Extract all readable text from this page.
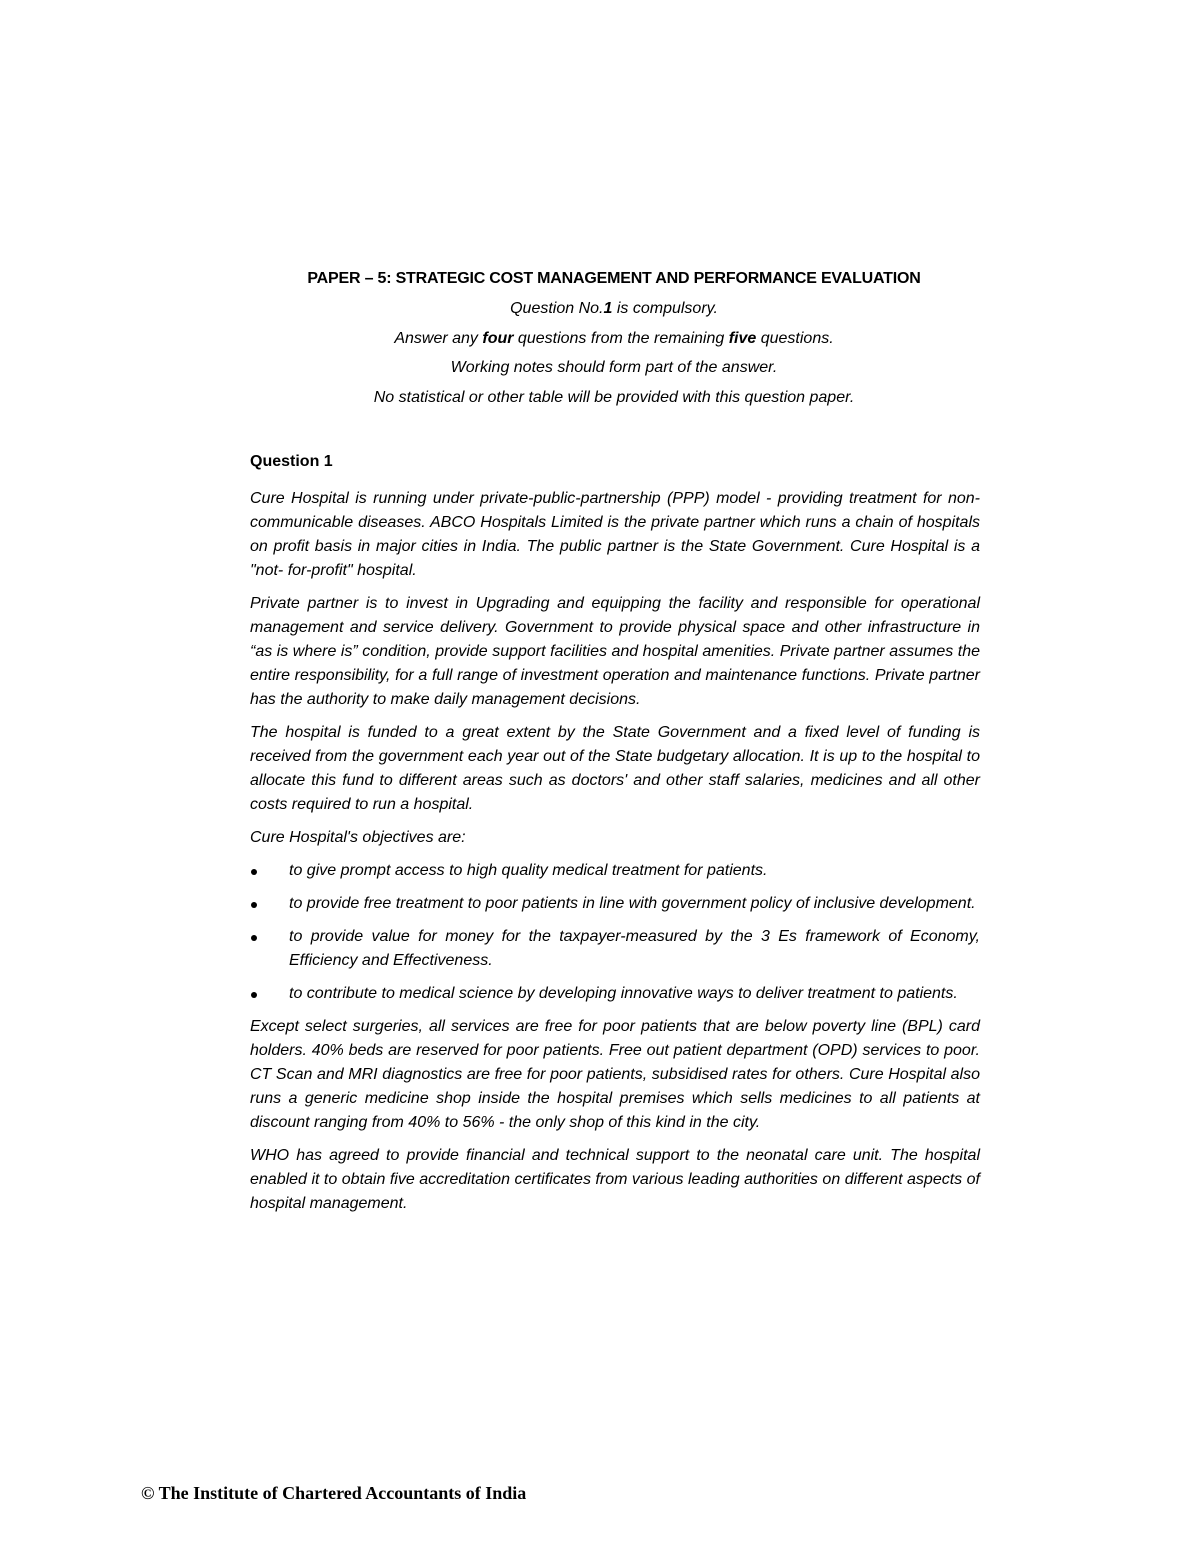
PAPER – 5: STRATEGIC COST MANAGEMENT AND PERFORMANCE EVALUATION
Question No.1 is compulsory.
Answer any four questions from the remaining five questions.
Working notes should form part of the answer.
No statistical or other table will be provided with this question paper.
Question 1

Cure Hospital is running under private-public-partnership (PPP) model - providing treatment for non-communicable diseases. ABCO Hospitals Limited is the private partner which runs a chain of hospitals on profit basis in major cities in India. The public partner is the State Government. Cure Hospital is a "not- for-profit" hospital.

Private partner is to invest in Upgrading and equipping the facility and responsible for operational management and service delivery. Government to provide physical space and other infrastructure in “as is where is” condition, provide support facilities and hospital amenities. Private partner assumes the entire responsibility, for a full range of investment operation and maintenance functions. Private partner has the authority to make daily management decisions.

The hospital is funded to a great extent by the State Government and a fixed level of funding is received from the government each year out of the State budgetary allocation. It is up to the hospital to allocate this fund to different areas such as doctors' and other staff salaries, medicines and all other costs required to run a hospital.

Cure Hospital's objectives are:

to give prompt access to high quality medical treatment for patients.
to provide free treatment to poor patients in line with government policy of inclusive development.
to provide value for money for the taxpayer-measured by the 3 Es framework of Economy, Efficiency and Effectiveness.
to contribute to medical science by developing innovative ways to deliver treatment to patients.

Except select surgeries, all services are free for poor patients that are below poverty line (BPL) card holders. 40% beds are reserved for poor patients. Free out patient department (OPD) services to poor. CT Scan and MRI diagnostics are free for poor patients, subsidised rates for others. Cure Hospital also runs a generic medicine shop inside the hospital premises which sells medicines to all patients at discount ranging from 40% to 56% - the only shop of this kind in the city.

WHO has agreed to provide financial and technical support to the neonatal care unit. The hospital enabled it to obtain five accreditation certificates from various leading authorities on different aspects of hospital management.

© The Institute of Chartered Accountants of India
